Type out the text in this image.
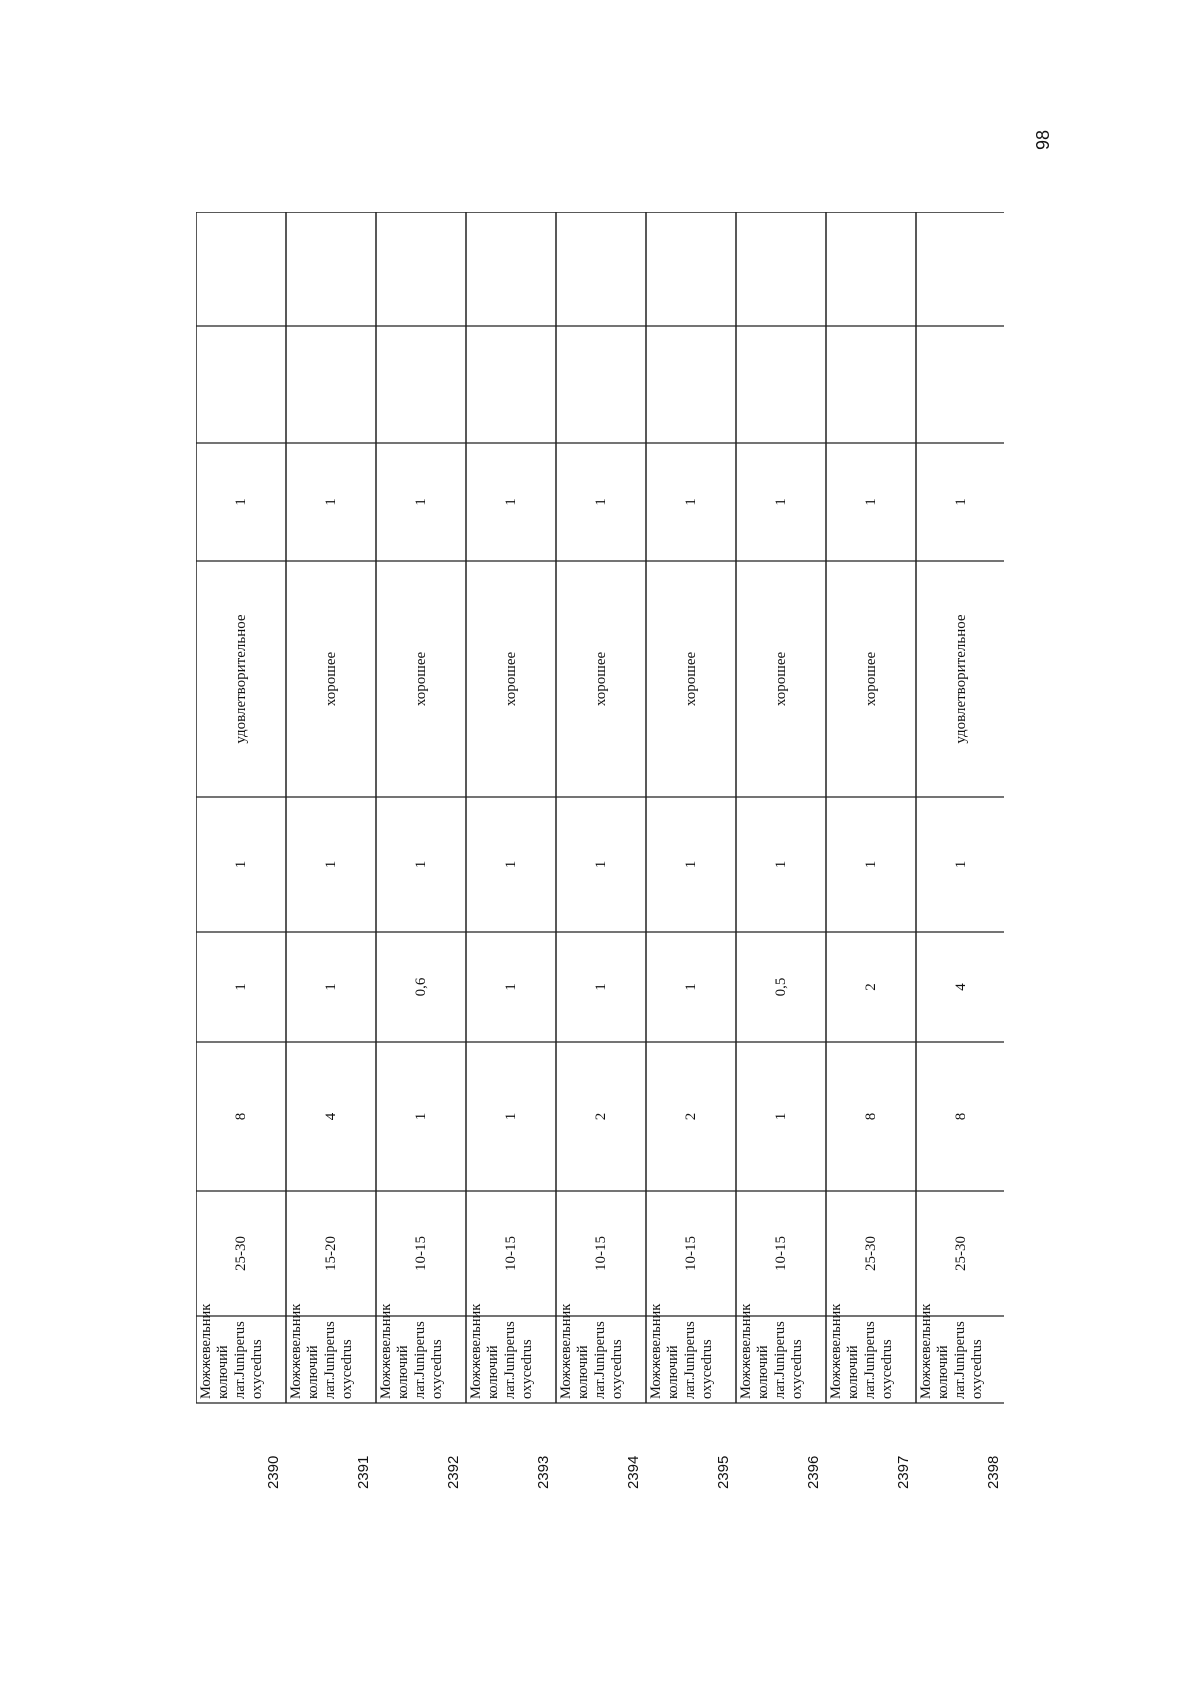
98
2390
Можжевельник колючий лат.Juniperus oxycedrus
25-30
8
1
1
удовлетворительное
1
2391
Можжевельник колючий лат.Juniperus oxycedrus
15-20
4
1
1
хорошее
1
2392
Можжевельник колючий лат.Juniperus oxycedrus
10-15
1
0,6
1
хорошее
1
2393
Можжевельник колючий лат.Juniperus oxycedrus
10-15
1
1
1
хорошее
1
2394
Можжевельник колючий лат.Juniperus oxycedrus
10-15
2
1
1
хорошее
1
2395
Можжевельник колючий лат.Juniperus oxycedrus
10-15
2
1
1
хорошее
1
2396
Можжевельник колючий лат.Juniperus oxycedrus
10-15
1
0,5
1
хорошее
1
2397
Можжевельник колючий лат.Juniperus oxycedrus
25-30
8
2
1
хорошее
1
2398
Можжевельник колючий лат.Juniperus oxycedrus
25-30
8
4
1
удовлетворительное
1
